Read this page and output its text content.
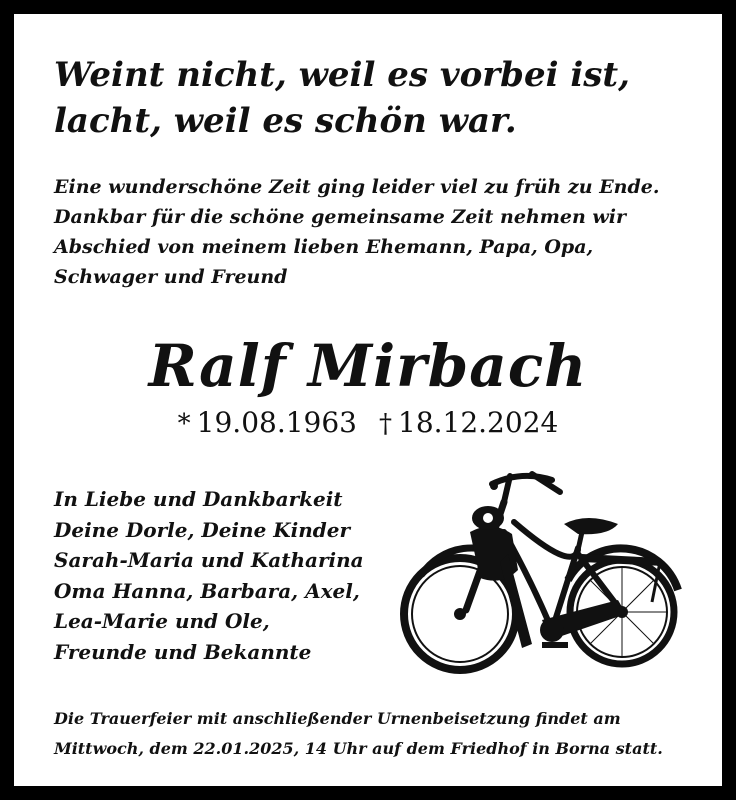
Weint nicht, weil es vorbei ist,
lacht, weil es schön war.
Eine wunderschöne Zeit ging leider viel zu früh zu Ende.
Dankbar für die schöne gemeinsame Zeit nehmen wir
Abschied von meinem lieben Ehemann, Papa, Opa,
Schwager und Freund
Ralf Mirbach
* 19.08.1963 † 18.12.2024
In Liebe und Dankbarkeit
Deine Dorle, Deine Kinder
Sarah-Maria und Katharina
Oma Hanna, Barbara, Axel,
Lea-Marie und Ole,
Freunde und Bekannte
Die Trauerfeier mit anschließender Urnenbeisetzung findet am
Mittwoch, dem 22.01.2025, 14 Uhr auf dem Friedhof in Borna statt.
